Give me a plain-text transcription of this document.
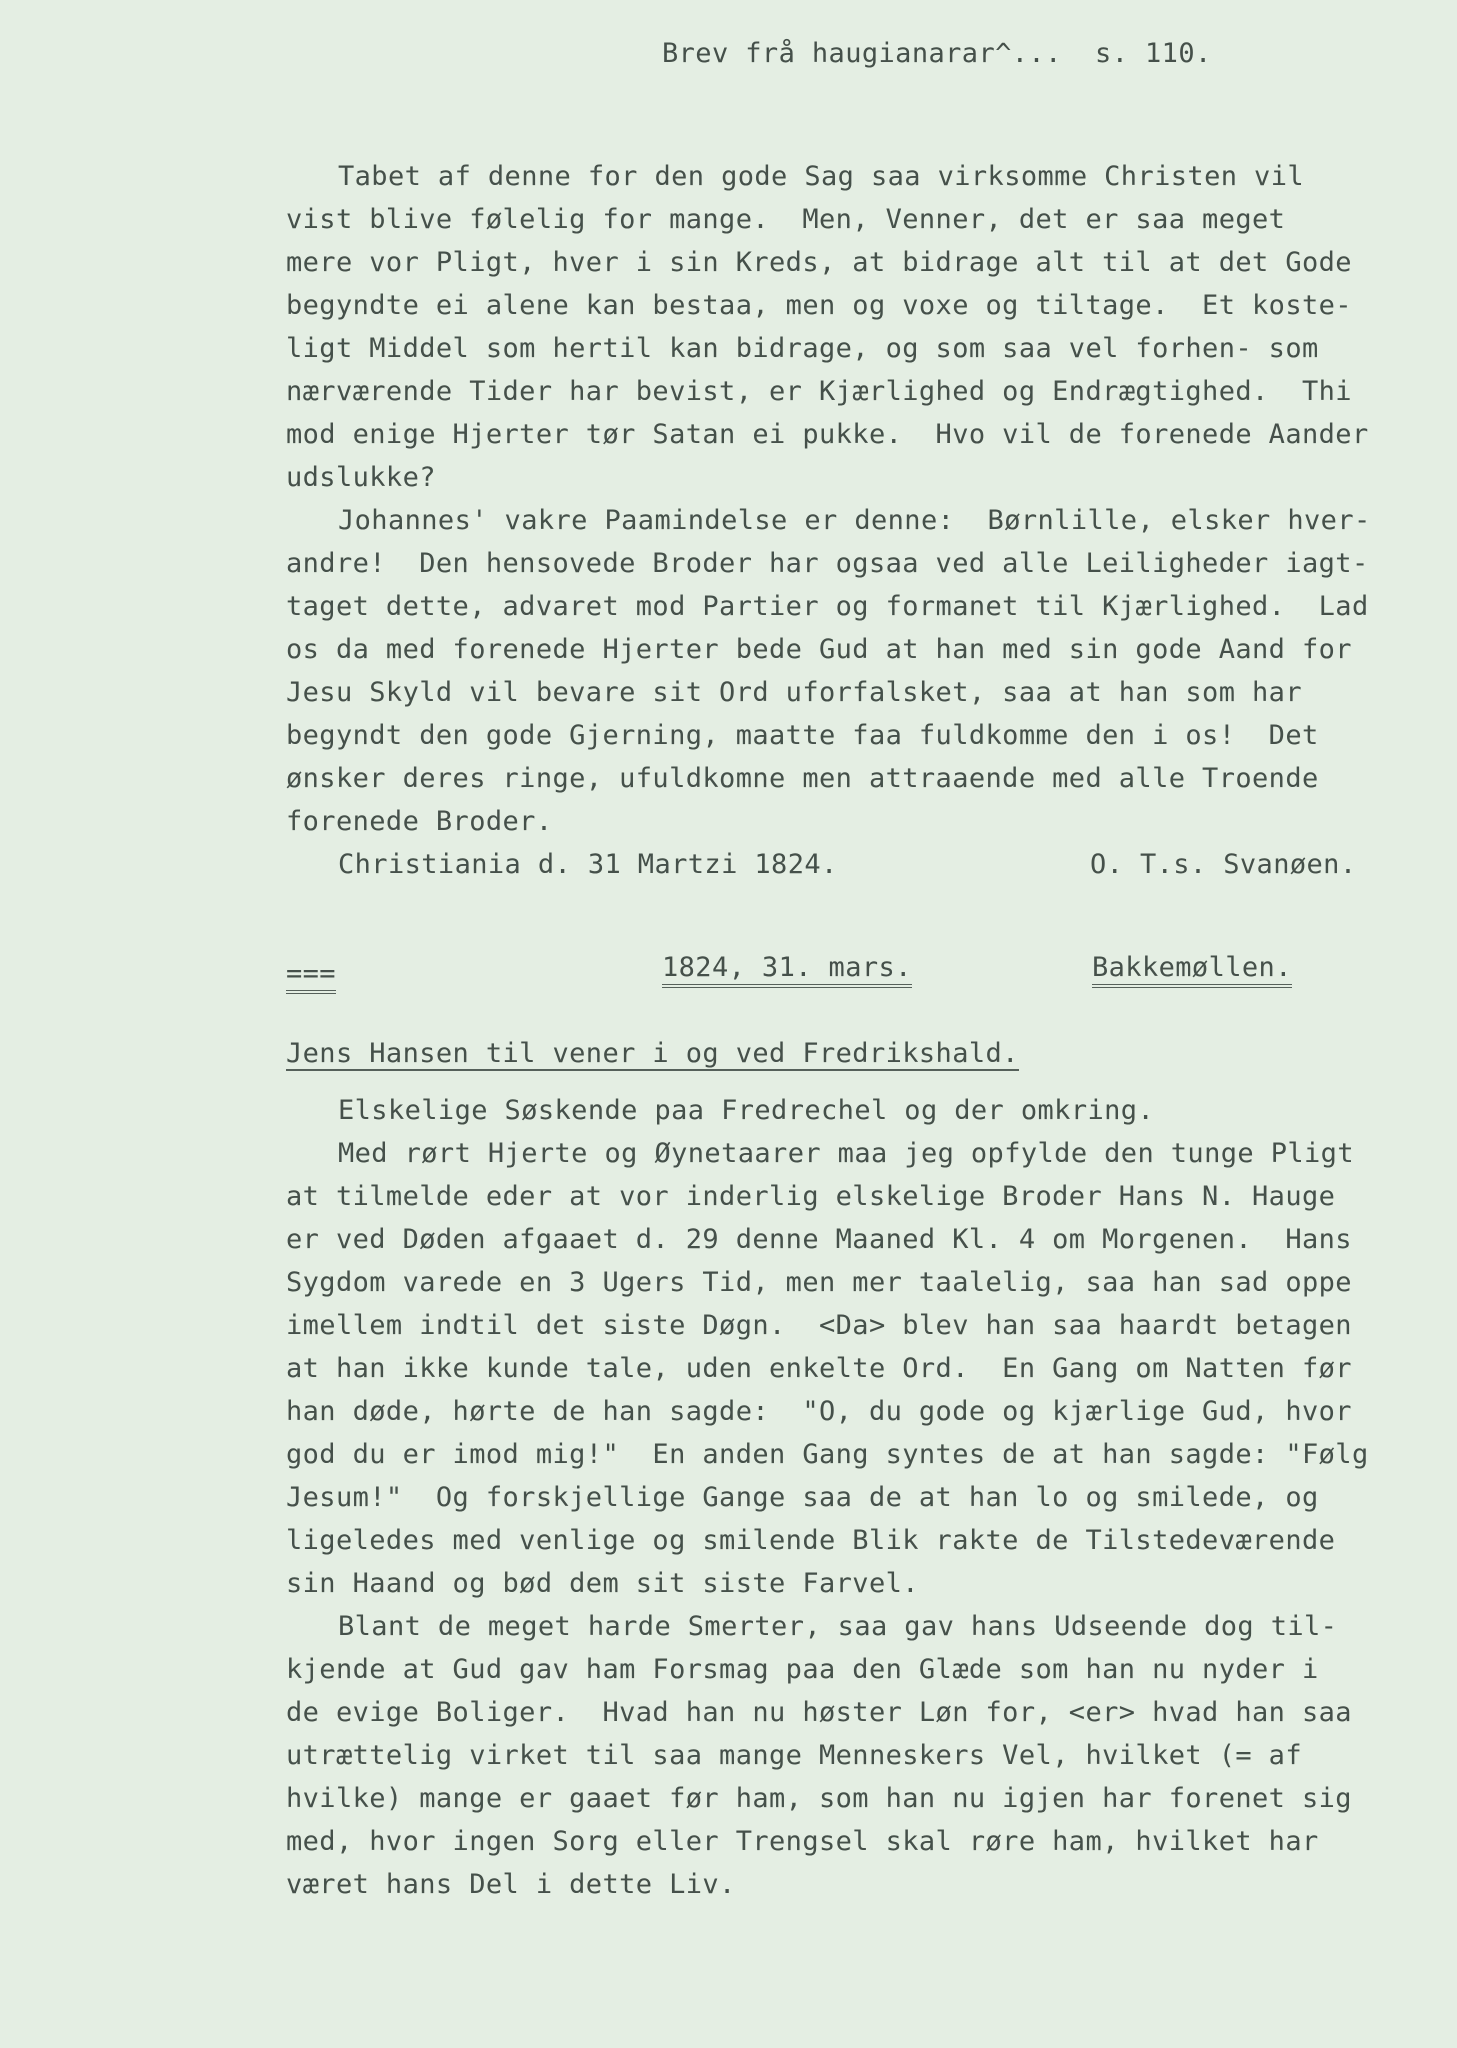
Brev frå haugianarar^...  s. 110.
Tabet af denne for den gode Sag saa virksomme Christen vil
vist blive følelig for mange.  Men, Venner, det er saa meget
mere vor Pligt, hver i sin Kreds, at bidrage alt til at det Gode
begyndte ei alene kan bestaa, men og voxe og tiltage.  Et koste-
ligt Middel som hertil kan bidrage, og som saa vel forhen- som
nærværende Tider har bevist, er Kjærlighed og Endrægtighed.  Thi
mod enige Hjerter tør Satan ei pukke.  Hvo vil de forenede Aander
udslukke?
Johannes' vakre Paamindelse er denne:  Børnlille, elsker hver-
andre!  Den hensovede Broder har ogsaa ved alle Leiligheder iagt-
taget dette, advaret mod Partier og formanet til Kjærlighed.  Lad
os da med forenede Hjerter bede Gud at han med sin gode Aand for
Jesu Skyld vil bevare sit Ord uforfalsket, saa at han som har
begyndt den gode Gjerning, maatte faa fuldkomme den i os!  Det
ønsker deres ringe, ufuldkomne men attraaende med alle Troende
forenede Broder.
Christiania d. 31 Martzi 1824.	O. T.s. Svanøen.
===	1824, 31. mars.	Bakkemøllen.
Jens Hansen til vener i og ved Fredrikshald.
Elskelige Søskende paa Fredrechel og der omkring.
Med rørt Hjerte og Øynetaarer maa jeg opfylde den tunge Pligt
at tilmelde eder at vor inderlig elskelige Broder Hans N. Hauge
er ved Døden afgaaet d. 29 denne Maaned Kl. 4 om Morgenen.  Hans
Sygdom varede en 3 Ugers Tid, men mer taalelig, saa han sad oppe
imellem indtil det siste Døgn.  <Da> blev han saa haardt betagen
at han ikke kunde tale, uden enkelte Ord.  En Gang om Natten før
han døde, hørte de han sagde:  "O, du gode og kjærlige Gud, hvor
god du er imod mig!"  En anden Gang syntes de at han sagde: "Følg
Jesum!"  Og forskjellige Gange saa de at han lo og smilede, og
ligeledes med venlige og smilende Blik rakte de Tilstedeværende
sin Haand og bød dem sit siste Farvel.
Blant de meget harde Smerter, saa gav hans Udseende dog til-
kjende at Gud gav ham Forsmag paa den Glæde som han nu nyder i
de evige Boliger.  Hvad han nu høster Løn for, <er> hvad han saa
utrættelig virket til saa mange Menneskers Vel, hvilket (= af
hvilke) mange er gaaet før ham, som han nu igjen har forenet sig
med, hvor ingen Sorg eller Trengsel skal røre ham, hvilket har
været hans Del i dette Liv.
